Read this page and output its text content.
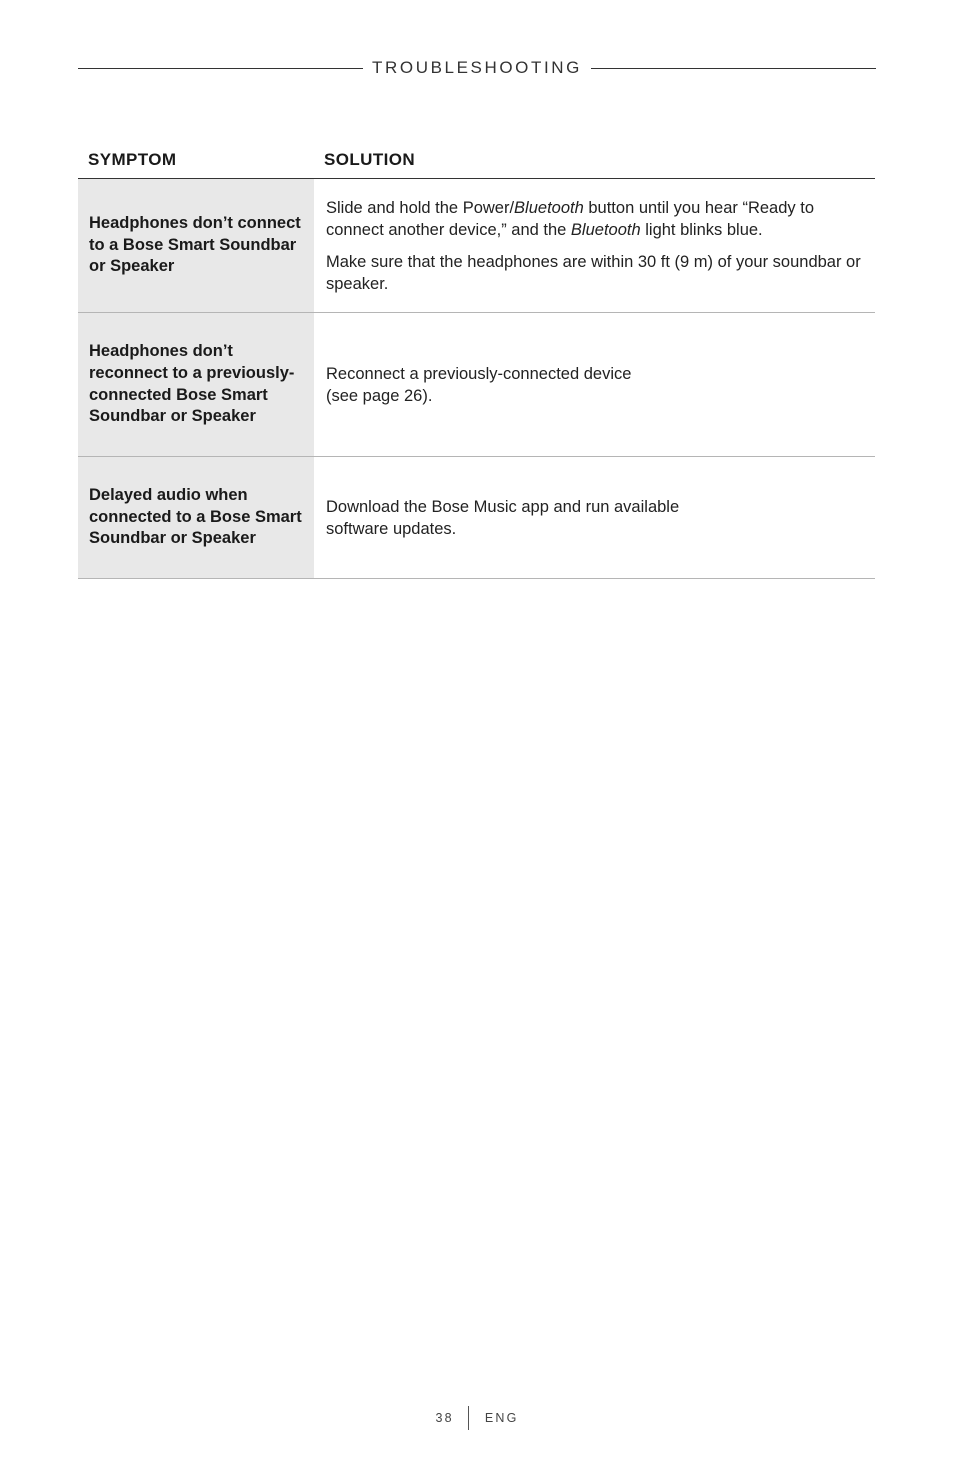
TROUBLESHOOTING
SYMPTOM	SOLUTION
Headphones don’t connect to a Bose Smart Soundbar or Speaker

Slide and hold the Power/Bluetooth button until you hear “Ready to connect another device,” and the Bluetooth light blinks blue.

Make sure that the headphones are within 30 ft (9 m) of your soundbar or speaker.

Headphones don’t reconnect to a previously-connected Bose Smart Soundbar or Speaker

Reconnect a previously-connected device
(see page 26).

Delayed audio when connected to a Bose Smart Soundbar or Speaker

Download the Bose Music app and run available
software updates.

38 ENG
